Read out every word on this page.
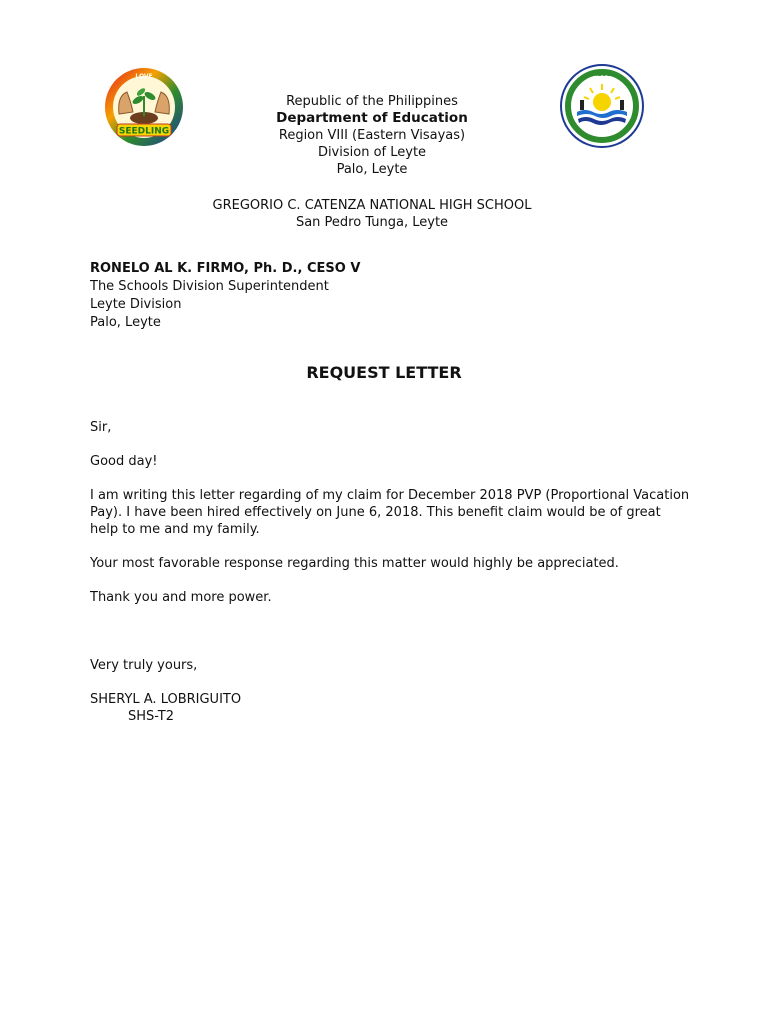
SEEDLING
LOVE	VALUES
Republic of the Philippines
Department of Education
Region VIII (Eastern Visayas)
Division of Leyte
Palo, Leyte
GREGORIO C. CATENZA NATIONAL HIGH SCHOOL
San Pedro Tunga, Leyte
RONELO AL K. FIRMO, Ph. D., CESO V
The Schools Division Superintendent
Leyte Division
Palo, Leyte
REQUEST LETTER

Sir,

Good day!

I am writing this letter regarding of my claim for December 2018 PVP (Proportional Vacation Pay). I have been hired effectively on June 6, 2018. This benefit claim would be of great help to me and my family.

Your most favorable response regarding this matter would highly be appreciated.

Thank you and more power.

Very truly yours,

SHERYL A. LOBRIGUITO

SHS-T2
